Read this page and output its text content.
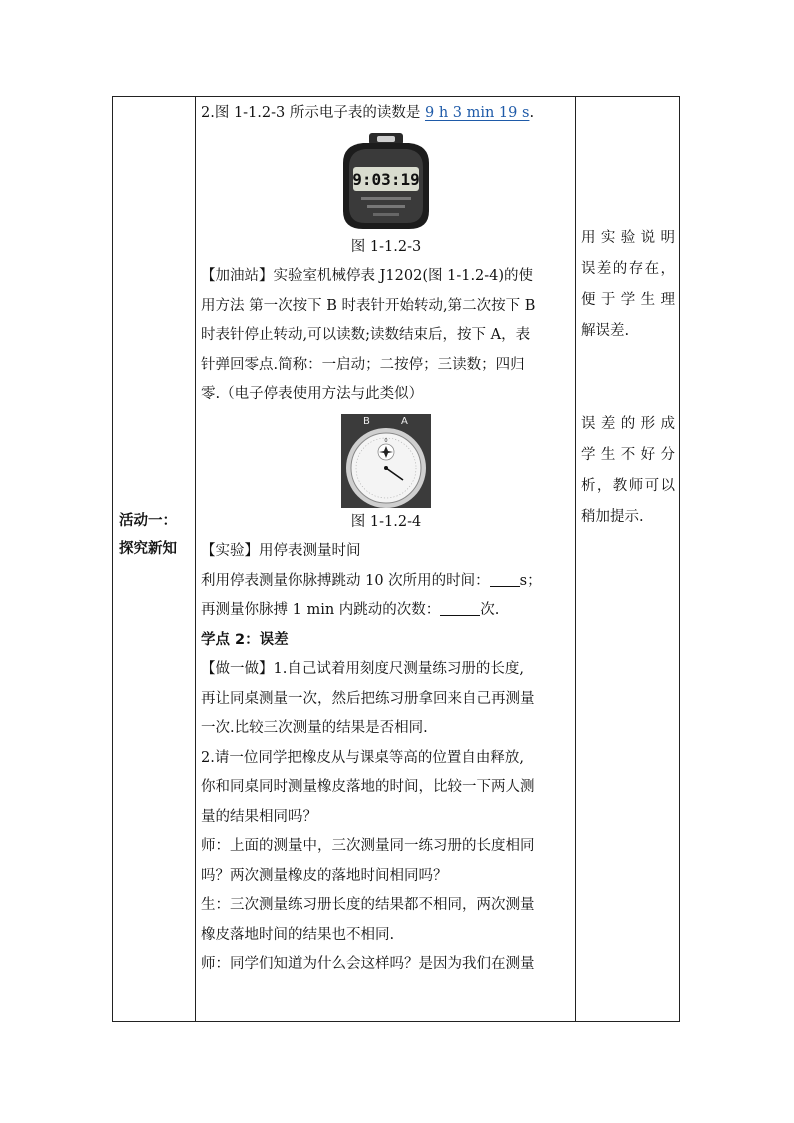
活动一：
探究新知
2.图 1-1.2-3 所示电子表的读数是 9 h 3 min 19 s.
9:03:19
图 1-1.2-3
【加油站】实验室机械停表 J1202(图 1-1.2-4)的使
用方法 第一次按下 B 时表针开始转动,第二次按下 B
时表针停止转动,可以读数;读数结束后，按下 A，表
针弹回零点.简称：一启动；二按停；三读数；四归
零.（电子停表使用方法与此类似）
B	A
0
图 1-1.2-4
【实验】用停表测量时间
利用停表测量你脉搏跳动 10 次所用的时间： s；
再测量你脉搏 1 min 内跳动的次数：	次.
学点 2：误差
【做一做】1.自己试着用刻度尺测量练习册的长度,
再让同桌测量一次，然后把练习册拿回来自己再测量
一次.比较三次测量的结果是否相同.
2.请一位同学把橡皮从与课桌等高的位置自由释放,
你和同桌同时测量橡皮落地的时间，比较一下两人测
量的结果相同吗？
师：上面的测量中，三次测量同一练习册的长度相同
吗？两次测量橡皮的落地时间相同吗？
生：三次测量练习册长度的结果都不相同，两次测量
橡皮落地时间的结果也不相同.
师：同学们知道为什么会这样吗？是因为我们在测量
用 实 验 说 明
误差的存在，
便 于 学 生 理
解误差.
误 差 的 形 成
学 生 不 好 分
析，教师可以
稍加提示.
